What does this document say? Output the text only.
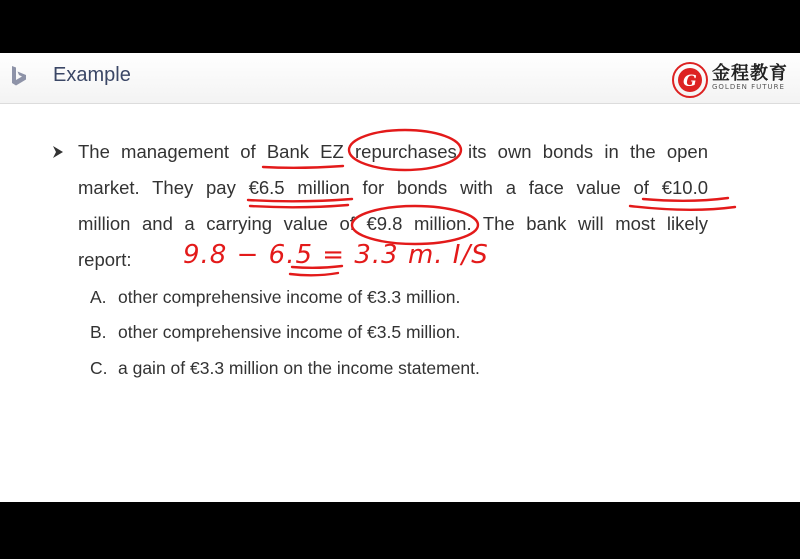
Example	G 金程教育
GOLDEN FUTURE
The management of Bank EZ repurchases its own bonds in the open
market. They pay €6.5 million for bonds with a face value of €10.0
million and a carrying value of €9.8 million. The bank will most likely
report:
A. other comprehensive income of €3.3 million.
B. other comprehensive income of €3.5 million.
C. a gain of €3.3 million on the income statement.
9.8 − 6.5 = 3.3 m. I/S
